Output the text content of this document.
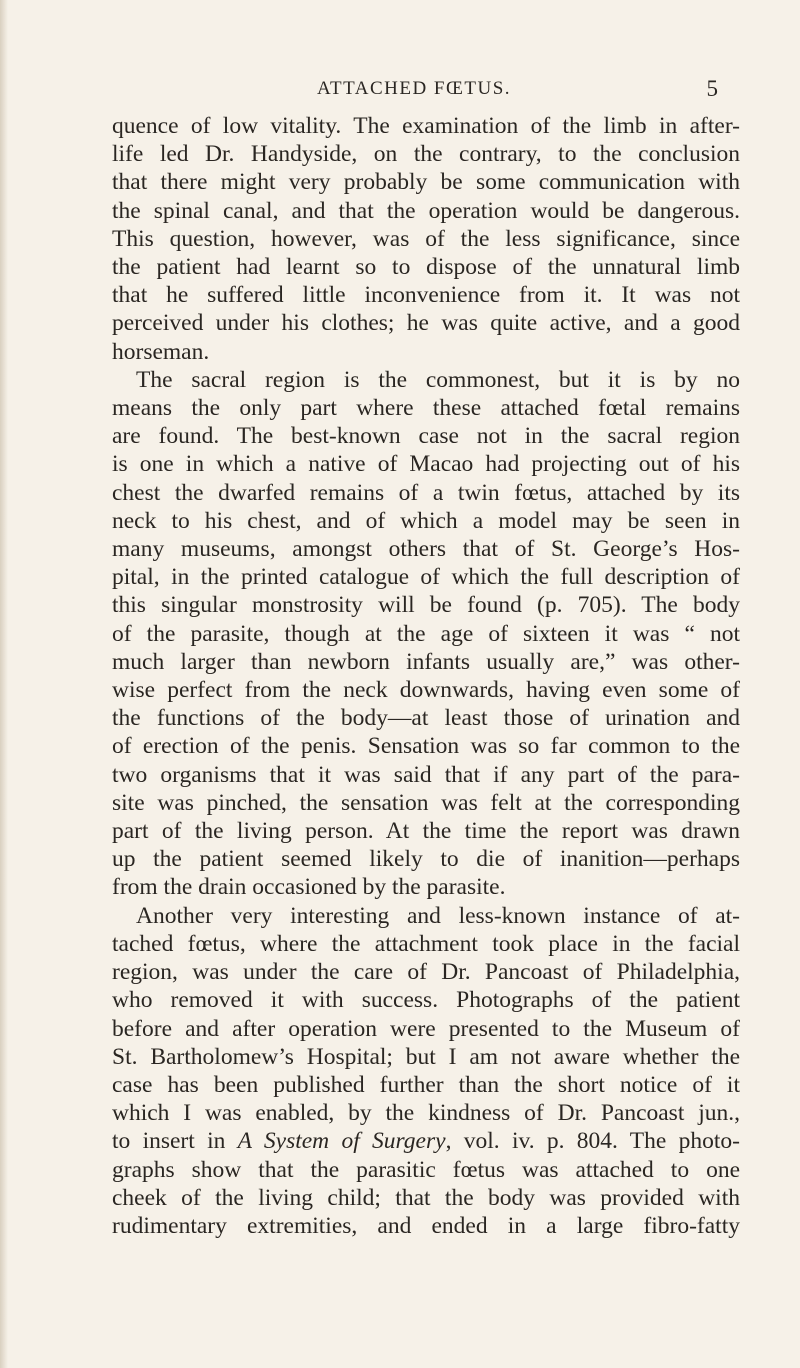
ATTACHED FŒTUS.	5

quence of low vitality. The examination of the limb in after-
life led Dr. Handyside, on the contrary, to the conclusion
that there might very probably be some communication with
the spinal canal, and that the operation would be dangerous.
This question, however, was of the less significance, since
the patient had learnt so to dispose of the unnatural limb
that he suffered little inconvenience from it. It was not
perceived under his clothes; he was quite active, and a good
horseman.

The sacral region is the commonest, but it is by no
means the only part where these attached fœtal remains
are found. The best-known case not in the sacral region
is one in which a native of Macao had projecting out of his
chest the dwarfed remains of a twin fœtus, attached by its
neck to his chest, and of which a model may be seen in
many museums, amongst others that of St. George’s Hos-
pital, in the printed catalogue of which the full description of
this singular monstrosity will be found (p. 705). The body
of the parasite, though at the age of sixteen it was “ not
much larger than newborn infants usually are,” was other-
wise perfect from the neck downwards, having even some of
the functions of the body—at least those of urination and
of erection of the penis. Sensation was so far common to the
two organisms that it was said that if any part of the para-
site was pinched, the sensation was felt at the corresponding
part of the living person. At the time the report was drawn
up the patient seemed likely to die of inanition—perhaps
from the drain occasioned by the parasite.

Another very interesting and less-known instance of at-
tached fœtus, where the attachment took place in the facial
region, was under the care of Dr. Pancoast of Philadelphia,
who removed it with success. Photographs of the patient
before and after operation were presented to the Museum of
St. Bartholomew’s Hospital; but I am not aware whether the
case has been published further than the short notice of it
which I was enabled, by the kindness of Dr. Pancoast jun.,
to insert in A System of Surgery, vol. iv. p. 804. The photo-
graphs show that the parasitic fœtus was attached to one
cheek of the living child; that the body was provided with
rudimentary extremities, and ended in a large fibro-fatty
